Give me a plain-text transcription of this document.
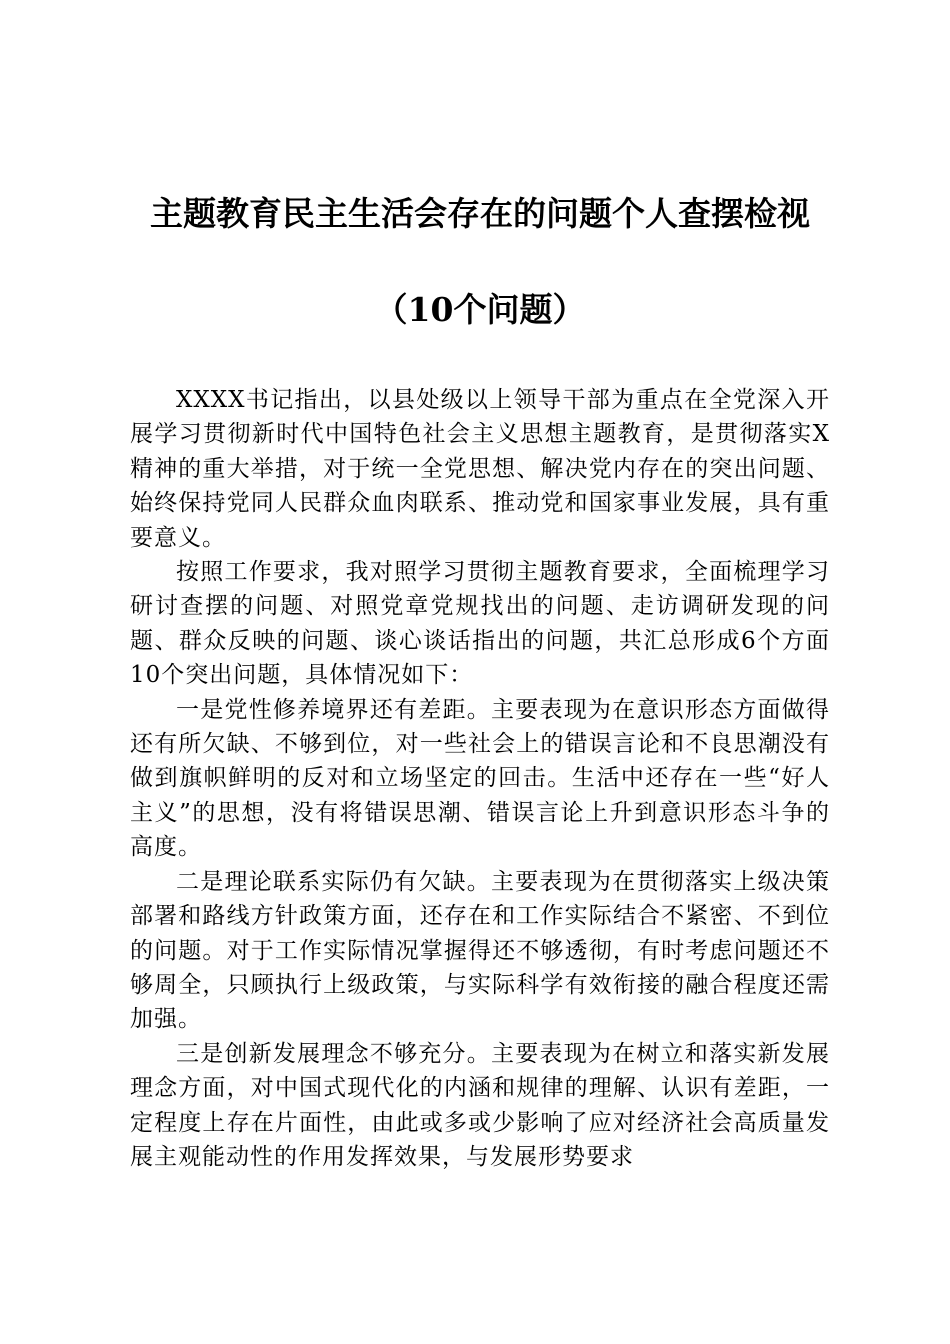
主题教育民主生活会存在的问题个人查摆检视
（10个问题）

XXXX书记指出，以县处级以上领导干部为重点在全党深入开展学习贯彻新时代中国特色社会主义思想主题教育，是贯彻落实X精神的重大举措，对于统一全党思想、解决党内存在的突出问题、始终保持党同人民群众血肉联系、推动党和国家事业发展，具有重要意义。

按照工作要求，我对照学习贯彻主题教育要求，全面梳理学习研讨查摆的问题、对照党章党规找出的问题、走访调研发现的问题、群众反映的问题、谈心谈话指出的问题，共汇总形成6个方面10个突出问题，具体情况如下：

一是党性修养境界还有差距。主要表现为在意识形态方面做得还有所欠缺、不够到位，对一些社会上的错误言论和不良思潮没有做到旗帜鲜明的反对和立场坚定的回击。生活中还存在一些“好人主义”的思想，没有将错误思潮、错误言论上升到意识形态斗争的高度。

二是理论联系实际仍有欠缺。主要表现为在贯彻落实上级决策部署和路线方针政策方面，还存在和工作实际结合不紧密、不到位的问题。对于工作实际情况掌握得还不够透彻，有时考虑问题还不够周全，只顾执行上级政策，与实际科学有效衔接的融合程度还需加强。

三是创新发展理念不够充分。主要表现为在树立和落实新发展理念方面，对中国式现代化的内涵和规律的理解、认识有差距，一定程度上存在片面性，由此或多或少影响了应对经济社会高质量发展主观能动性的作用发挥效果，与发展形势要求
